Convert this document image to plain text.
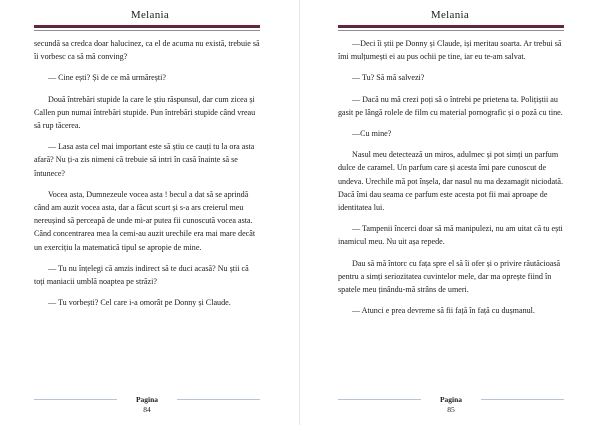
Melania

secundă sa credca doar halucinez, ca el de acuma nu există, trebuie să îi vorbesc ca să mă conving?

— Cine ești? Și de ce mă urmărești?

Două întrebări stupide la care le știu răspunsul, dar cum zicea și Callen pun numai întrebări stupide. Pun întrebări stupide când vreau să rup tăcerea.

— Lasa asta cel mai important este să știu ce cauți tu la ora asta afară? Nu ți-a zis nimeni că trebuie să intri în casă înainte să se întunece?

Vocea asta, Dumnezeule vocea asta ! becul a dat să se aprindă când am auzit vocea asta, dar a făcut scurt și s-a ars creierul meu nereușind să perceapă de unde mi-ar putea fii cunoscută vocea asta. Când concentrarea mea la cemi-au auzit urechile era mai mare decât un exercițiu la matematică tipul se apropie de mine.

— Tu nu înțelegi că amzis indirect să te duci acasă? Nu știi că toți maniacii umblă noaptea pe străzi?

— Tu vorbești? Cel care i-a omorât pe Donny și Claude.

Pagina
84
Melania

—Deci îi știi pe Donny și Claude, iși meritau soarta. Ar trebui să îmi mulțumești ei au pus ochii pe tine, iar eu te-am salvat.

— Tu? Să mă salvezi?

— Dacă nu mă crezi poți să o întrebi pe prietena ta. Polițiștii au gasit pe lângă rolele de film cu material pornografic și o poză cu tine.

—Cu mine?

Nasul meu detectează un miros, adulmec și pot simți un parfum dulce de caramel. Un parfum care și acesta îmi pare cunoscut de undeva. Urechile mă pot înșela, dar nasul nu ma dezamagit niciodată. Dacă îmi dau seama ce parfum este acesta pot fii mai aproape de identitatea lui.

— Tampenii încerci doar să mă manipulezi, nu am uitat că tu ești inamicul meu. Nu uit așa repede.

Dau să mă întorc cu fața spre el să îi ofer și o privire răutăcioasă pentru a simți seriozitatea cuvintelor mele, dar ma oprește fiind în spatele meu ținându-mă strâns de umeri.

— Atunci e prea devreme să fii față în față cu dușmanul.

Pagina
85
